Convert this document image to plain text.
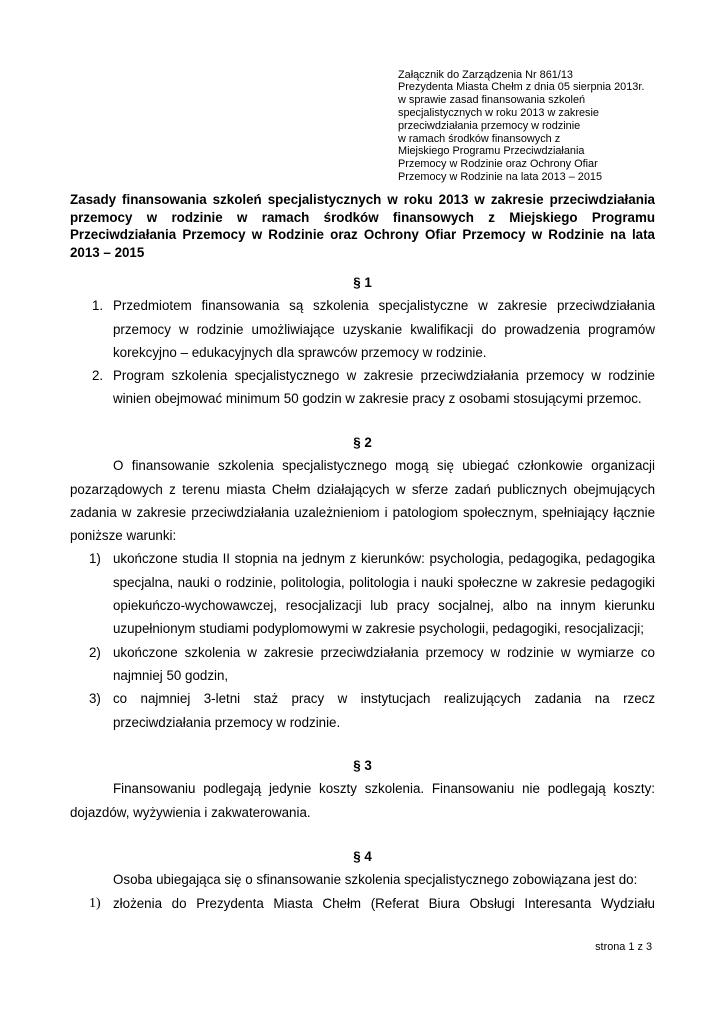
Załącznik do Zarządzenia Nr 861/13
Prezydenta Miasta Chełm z dnia 05 sierpnia 2013r.
w sprawie zasad finansowania szkoleń
specjalistycznych w roku 2013 w zakresie
przeciwdziałania przemocy w rodzinie
w ramach środków finansowych z
Miejskiego Programu Przeciwdziałania
Przemocy w Rodzinie oraz Ochrony Ofiar
Przemocy w Rodzinie na lata 2013 – 2015
Zasady finansowania szkoleń specjalistycznych w roku 2013 w zakresie przeciwdziałania
przemocy w rodzinie w ramach środków finansowych z Miejskiego Programu
Przeciwdziałania Przemocy w Rodzinie oraz Ochrony Ofiar Przemocy w Rodzinie na lata
2013 – 2015
§ 1
1. Przedmiotem finansowania są szkolenia specjalistyczne w zakresie przeciwdziałania
przemocy w rodzinie umożliwiające uzyskanie kwalifikacji do prowadzenia programów
korekcyjno – edukacyjnych dla sprawców przemocy w rodzinie.
2. Program szkolenia specjalistycznego w zakresie przeciwdziałania przemocy w rodzinie
winien obejmować minimum 50 godzin w zakresie pracy z osobami stosującymi przemoc.
§ 2
O finansowanie szkolenia specjalistycznego mogą się ubiegać członkowie organizacji
pozarządowych z terenu miasta Chełm działających w sferze zadań publicznych obejmujących
zadania w zakresie przeciwdziałania uzależnieniom i patologiom społecznym, spełniający łącznie
poniższe warunki:
1) ukończone studia II stopnia na jednym z kierunków: psychologia, pedagogika, pedagogika
specjalna, nauki o rodzinie, politologia, politologia i nauki społeczne w zakresie pedagogiki
opiekuńczo-wychowawczej, resocjalizacji lub pracy socjalnej, albo na innym kierunku
uzupełnionym studiami podyplomowymi w zakresie psychologii, pedagogiki, resocjalizacji;
2) ukończone szkolenia w zakresie przeciwdziałania przemocy w rodzinie w wymiarze co
najmniej 50 godzin,
3) co najmniej 3-letni staż pracy w instytucjach realizujących zadania na rzecz
przeciwdziałania przemocy w rodzinie.
§ 3
Finansowaniu podlegają jedynie koszty szkolenia. Finansowaniu nie podlegają koszty:
dojazdów, wyżywienia i zakwaterowania.
§ 4
Osoba ubiegająca się o sfinansowanie szkolenia specjalistycznego zobowiązana jest do:
1) złożenia do Prezydenta Miasta Chełm (Referat Biura Obsługi Interesanta Wydziału
strona 1 z 3
